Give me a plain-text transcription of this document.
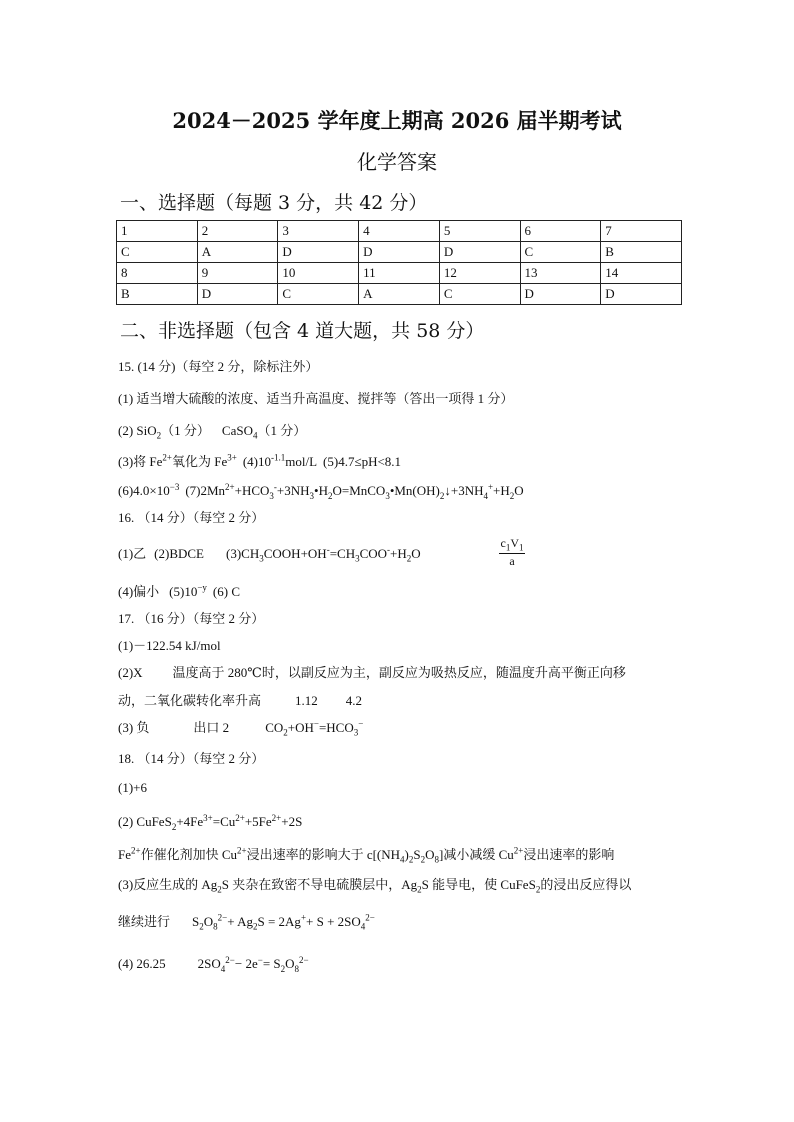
2024－2025 学年度上期高 2026 届半期考试
化学答案
一、选择题（每题 3 分，共 42 分）
1	2	3	4	5	6	7
C	A	D	D	D	C	B
8	9	10	11	12	13	14
B	D	C	A	C	D	D
二、非选择题（包含 4 道大题，共 58 分）
15. (14 分)（每空 2 分，除标注外）
(1) 适当增大硫酸的浓度、适当升高温度、搅拌等（答出一项得 1 分）
(2) SiO$_2$（1 分） CaSO$_4$（1 分）
(3)将 $Fe^{2+}$氧化为 $Fe^{3+}$ $(4)10^{-1.1}mol/L$ (5)4.7≤pH<8.1
$(6)4.0\times 10^{-3}$ $(7)2Mn^{2+}+HCO_3^-+3NH_3•H_2O=MnCO_3•Mn(OH)_2↓+3NH_4^++H_2O$
16. （14 分）（每空 2 分）
(1)乙 (2)BDCE $(3)CH_3COOH+OH^-=CH_3COO^-+H_2O$	$\frac{c_1V_1}{a}$
(4)偏小 $(5)10^{-y}$ (6) C
17. （16 分）（每空 2 分）
(1)－122.54 kJ/mol
(2)X 温度高于 280℃时，以副反应为主，副反应为吸热反应，随温度升高平衡正向移
动，二氧化碳转化率升高	1.12 4.2
(3) 负	出口 2	$CO_2+OH^-=HCO_3^-$
18. （14 分）（每空 2 分）
(1)+6
(2) $CuFeS_2+4Fe^{3+}=Cu^{2+}+5Fe^{2+}+2S$
$Fe^{2+}$作催化剂加快 $Cu^{2+}$浸出速率的影响大于 $c[(NH_4)_2S_2O_8]$减小减缓 $Cu^{2+}$浸出速率的影响
(3)反应生成的 $Ag_2S$ 夹杂在致密不导电硫膜层中，$Ag_2S$ 能导电，使 CuFeS$_2$的浸出反应得以
继续进行 $S_2O_8^{2-}+ Ag_2S = 2Ag^++ S + 2SO_4^{2-}$
(4) 26.25 $2SO_4^{2-}- 2e^-= S_2O_8^{2-}$
